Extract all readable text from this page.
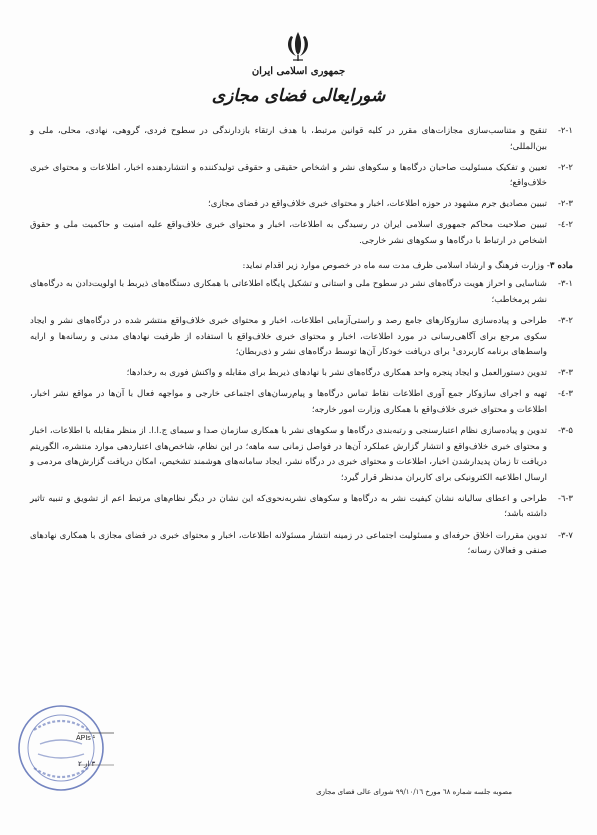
جمهوری اسلامی ایران
شورایعالی فضای مجازی
۲-۱-
تنقیح و متناسب‌سازی مجازات‌های مقرر در کلیه قوانین مرتبط، با هدف ارتقاء بازدارندگی در سطوح فردی، گروهی، نهادی، محلی، ملی و بین‌المللی؛
۲-۲-
تعیین و تفکیک مسئولیت صاحبان درگاه‌ها و سکوهای نشر و اشخاص حقیقی و حقوقی تولیدکننده و انتشاردهنده اخبار، اطلاعات و محتوای خبری خلاف‌واقع؛
۲-۳-
تبیین مصادیق جرم مشهود در حوزه اطلاعات، اخبار و محتوای خبری خلاف‌واقع در فضای مجازی؛
۲-٤-
تبیین صلاحیت محاکم جمهوری اسلامی ایران در رسیدگی به اطلاعات، اخبار و محتوای خبری خلاف‌واقع علیه امنیت و حاکمیت ملی و حقوق اشخاص در ارتباط با درگاه‌ها و سکوهای نشر خارجی.
ماده ۳- وزارت فرهنگ و ارشاد اسلامی ظرف مدت سه ماه در خصوص موارد زیر اقدام نماید:
۳-۱-
شناسایی و احراز هویت درگاه‌های نشر در سطوح ملی و استانی و تشکیل پایگاه اطلاعاتی با همکاری دستگاه‌های ذیربط با اولویت‌دادن به درگاه‌های نشر پرمخاطب؛
۳-۲-
طراحی و پیاده‌سازی سازوکارهای جامع رصد و راستی‌آزمایی اطلاعات، اخبار و محتوای خبری خلاف‌واقع منتشر شده در درگاه‌های نشر و ایجاد سکوی مرجع برای آگاهی‌رسانی در مورد اطلاعات، اخبار و محتوای خبری خلاف‌واقع با استفاده از ظرفیت نهادهای مدنی و رسانه‌ها و ارایه واسط‌های برنامه کاربردی¹ برای دریافت خودکار آن‌ها توسط درگاه‌های نشر و ذی‌ربطان؛
۳-۳-
تدوین دستورالعمل و ایجاد پنجره واحد همکاری درگاه‌های نشر با نهادهای ذیربط برای مقابله و واکنش فوری به رخدادها؛
۳-٤-
تهیه و اجرای سازوکار جمع آوری اطلاعات نقاط تماس درگاه‌ها و پیام‌رسان‌های اجتماعی خارجی و مواجهه فعال با آن‌ها در مواقع نشر اخبار، اطلاعات و محتوای خبری خلاف‌واقع با همکاری وزارت امور خارجه؛
۳-۵-
تدوین و پیاده‌سازی نظام اعتبارسنجی و رتبه‌بندی درگاه‌ها و سکوهای نشر با همکاری سازمان صدا و سیمای ج.ا.ا. از منظر مقابله با اطلاعات، اخبار و محتوای خبری خلاف‌واقع و انتشار گزارش عملکرد آن‌ها در فواصل زمانی سه ماهه؛ در این نظام، شاخص‌های اعتباردهی موارد منتشره، الگوریتم دریافت تا زمان پدیدارشدن اخبار، اطلاعات و محتوای خبری در درگاه نشر، ایجاد سامانه‌های هوشمند تشخیص، امکان دریافت گزارش‌های مردمی و ارسال اطلاعیه الکترونیکی برای کاربران مدنظر قرار گیرد؛
۳-٦-
طراحی و اعطای سالیانه نشان کیفیت نشر به درگاه‌ها و سکوهای نشربه‌نحوی‌که این نشان در دیگر نظام‌های مرتبط اعم از تشویق و تنبیه تاثیر داشته باشد؛
۳-۷-
تدوین مقررات اخلاق حرفه‌ای و مسئولیت اجتماعی در زمینه انتشار مسئولانه اطلاعات، اخبار و محتوای خبری در فضای مجازی با همکاری نهادهای صنفی و فعالان رسانه؛
APIs ¹
۳ از ۲
مصوبه جلسه شماره ٦۸ مورخ ۹۹/۱۰/۱٦ شورای عالی فضای مجازی
